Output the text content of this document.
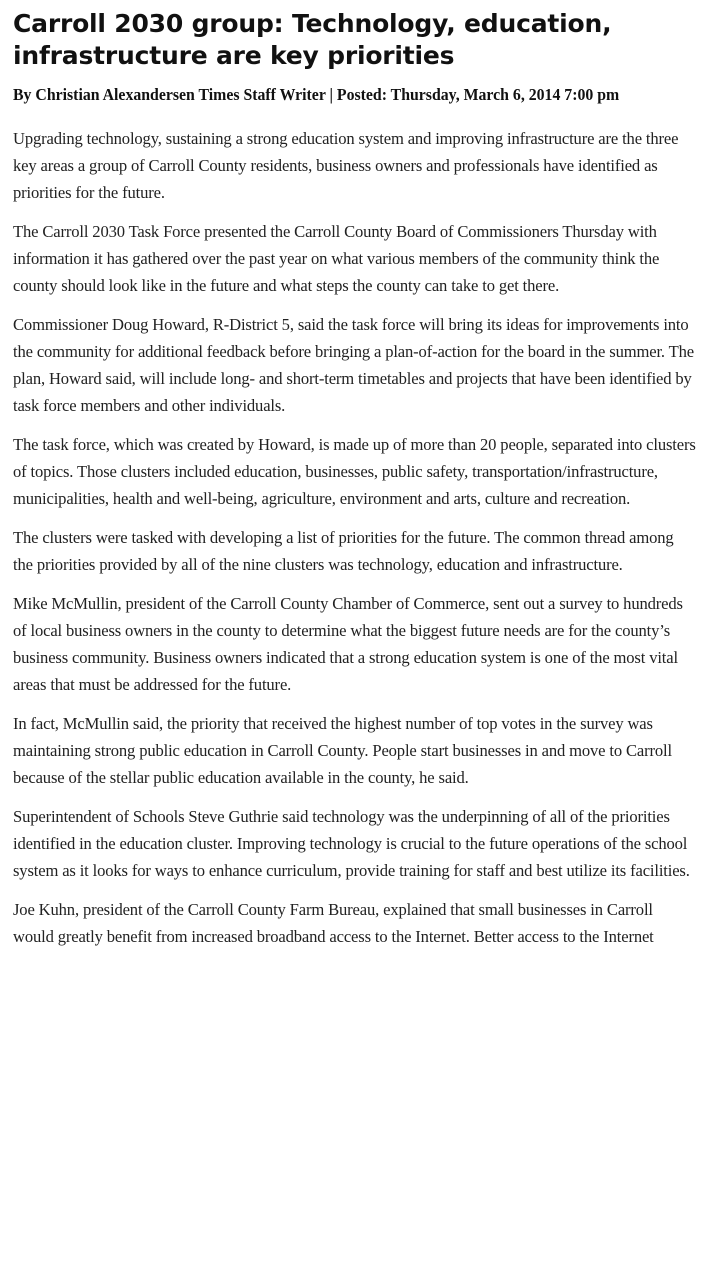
Carroll 2030 group: Technology, education, infrastructure are key priorities
By Christian Alexandersen Times Staff Writer | Posted: Thursday, March 6, 2014 7:00 pm

Upgrading technology, sustaining a strong education system and improving infrastructure are the three key areas a group of Carroll County residents, business owners and professionals have identified as priorities for the future.

The Carroll 2030 Task Force presented the Carroll County Board of Commissioners Thursday with information it has gathered over the past year on what various members of the community think the county should look like in the future and what steps the county can take to get there.

Commissioner Doug Howard, R-District 5, said the task force will bring its ideas for improvements into the community for additional feedback before bringing a plan-of-action for the board in the summer. The plan, Howard said, will include long- and short-term timetables and projects that have been identified by task force members and other individuals.

The task force, which was created by Howard, is made up of more than 20 people, separated into clusters of topics. Those clusters included education, businesses, public safety, transportation/infrastructure, municipalities, health and well-being, agriculture, environment and arts, culture and recreation.

The clusters were tasked with developing a list of priorities for the future. The common thread among the priorities provided by all of the nine clusters was technology, education and infrastructure.

Mike McMullin, president of the Carroll County Chamber of Commerce, sent out a survey to hundreds of local business owners in the county to determine what the biggest future needs are for the county’s business community. Business owners indicated that a strong education system is one of the most vital areas that must be addressed for the future.

In fact, McMullin said, the priority that received the highest number of top votes in the survey was maintaining strong public education in Carroll County. People start businesses in and move to Carroll because of the stellar public education available in the county, he said.

Superintendent of Schools Steve Guthrie said technology was the underpinning of all of the priorities identified in the education cluster. Improving technology is crucial to the future operations of the school system as it looks for ways to enhance curriculum, provide training for staff and best utilize its facilities.

Joe Kuhn, president of the Carroll County Farm Bureau, explained that small businesses in Carroll would greatly benefit from increased broadband access to the Internet. Better access to the Internet
